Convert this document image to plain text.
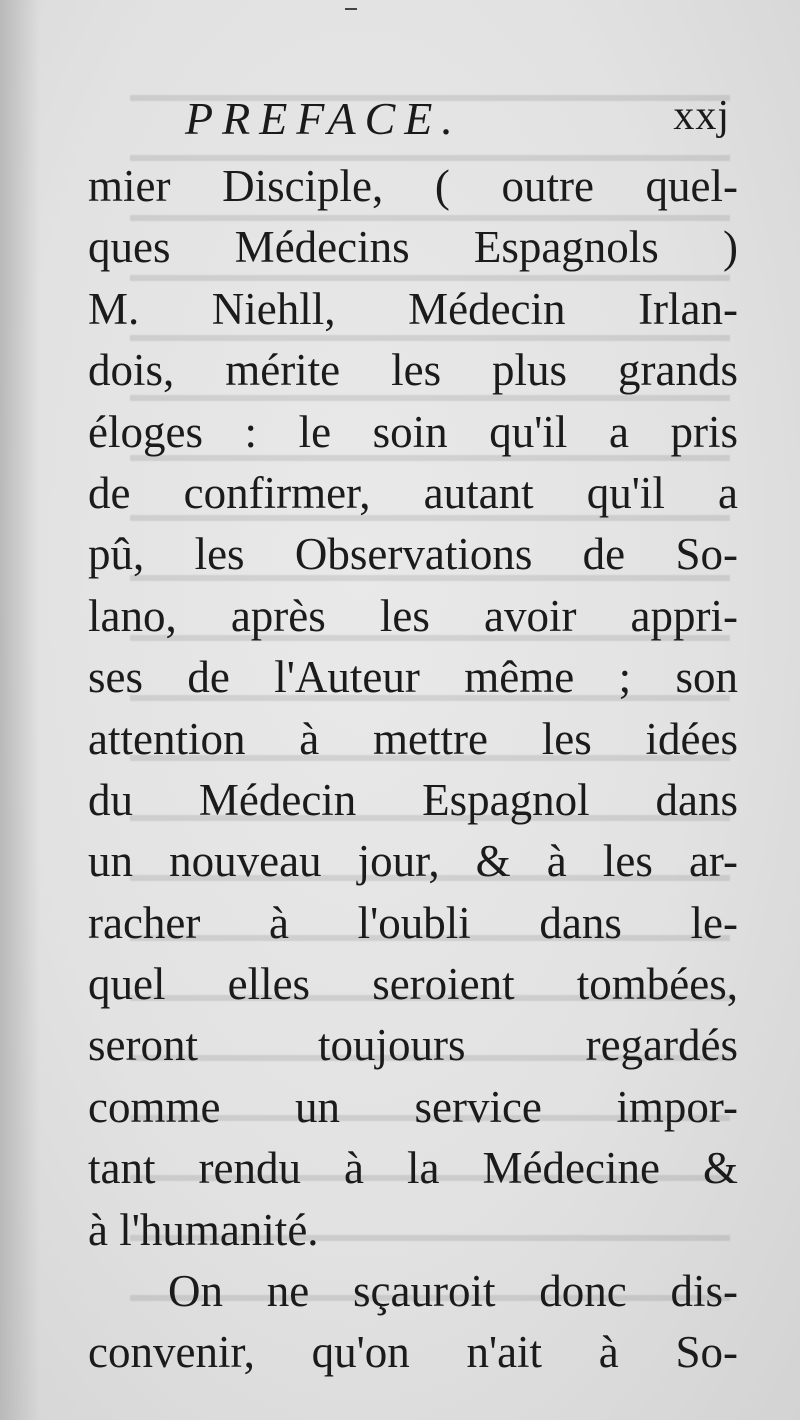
PREFACE.	xxj
mier Disciple, ( outre quel-
ques Médecins Espagnols )
M. Niehll, Médecin Irlan-
dois, mérite les plus grands
éloges : le soin qu'il a pris
de confirmer, autant qu'il a
pû, les Observations de So-
lano, après les avoir appri-
ses de l'Auteur même ; son
attention à mettre les idées
du Médecin Espagnol dans
un nouveau jour, & à les ar-
racher à l'oubli dans le-
quel elles seroient tombées,
seront toujours regardés
comme un service impor-
tant rendu à la Médecine &
à l'humanité.
On ne sçauroit donc dis-
convenir, qu'on n'ait à So-
